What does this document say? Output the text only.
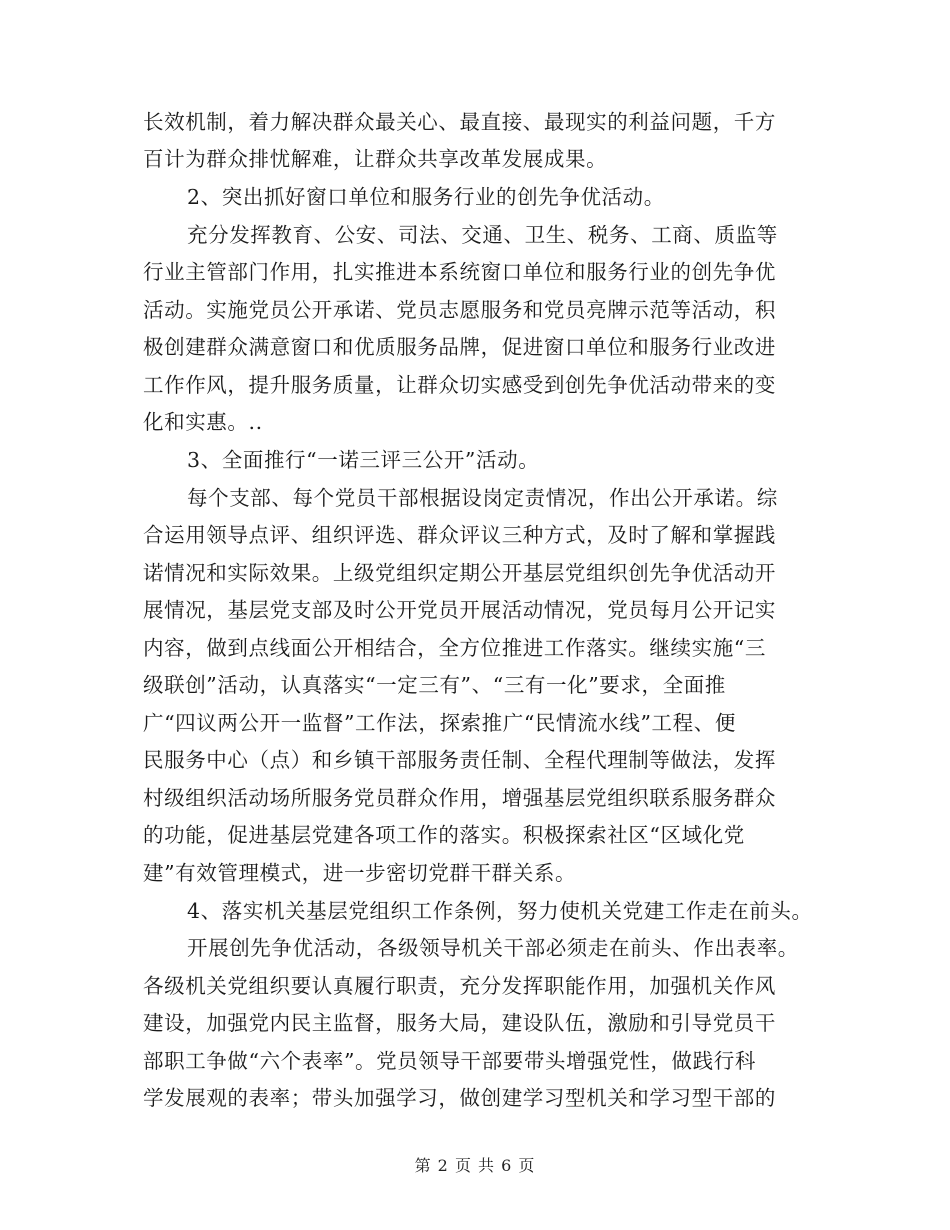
长效机制，着力解决群众最关心、最直接、最现实的利益问题，千方
百计为群众排忧解难，让群众共享改革发展成果。
2、突出抓好窗口单位和服务行业的创先争优活动。
充分发挥教育、公安、司法、交通、卫生、税务、工商、质监等
行业主管部门作用，扎实推进本系统窗口单位和服务行业的创先争优
活动。实施党员公开承诺、党员志愿服务和党员亮牌示范等活动，积
极创建群众满意窗口和优质服务品牌，促进窗口单位和服务行业改进
工作作风，提升服务质量，让群众切实感受到创先争优活动带来的变
化和实惠。..
3、全面推行“一诺三评三公开”活动。
每个支部、每个党员干部根据设岗定责情况，作出公开承诺。综
合运用领导点评、组织评选、群众评议三种方式，及时了解和掌握践
诺情况和实际效果。上级党组织定期公开基层党组织创先争优活动开
展情况，基层党支部及时公开党员开展活动情况，党员每月公开记实
内容，做到点线面公开相结合，全方位推进工作落实。继续实施“三
级联创”活动，认真落实“一定三有”、“三有一化”要求，全面推
广“四议两公开一监督”工作法，探索推广“民情流水线”工程、便
民服务中心（点）和乡镇干部服务责任制、全程代理制等做法，发挥
村级组织活动场所服务党员群众作用，增强基层党组织联系服务群众
的功能，促进基层党建各项工作的落实。积极探索社区“区域化党
建”有效管理模式，进一步密切党群干群关系。
4、落实机关基层党组织工作条例，努力使机关党建工作走在前头。
开展创先争优活动，各级领导机关干部必须走在前头、作出表率。
各级机关党组织要认真履行职责，充分发挥职能作用，加强机关作风
建设，加强党内民主监督，服务大局，建设队伍，激励和引导党员干
部职工争做“六个表率”。党员领导干部要带头增强党性，做践行科
学发展观的表率；带头加强学习，做创建学习型机关和学习型干部的
第 2 页 共 6 页
